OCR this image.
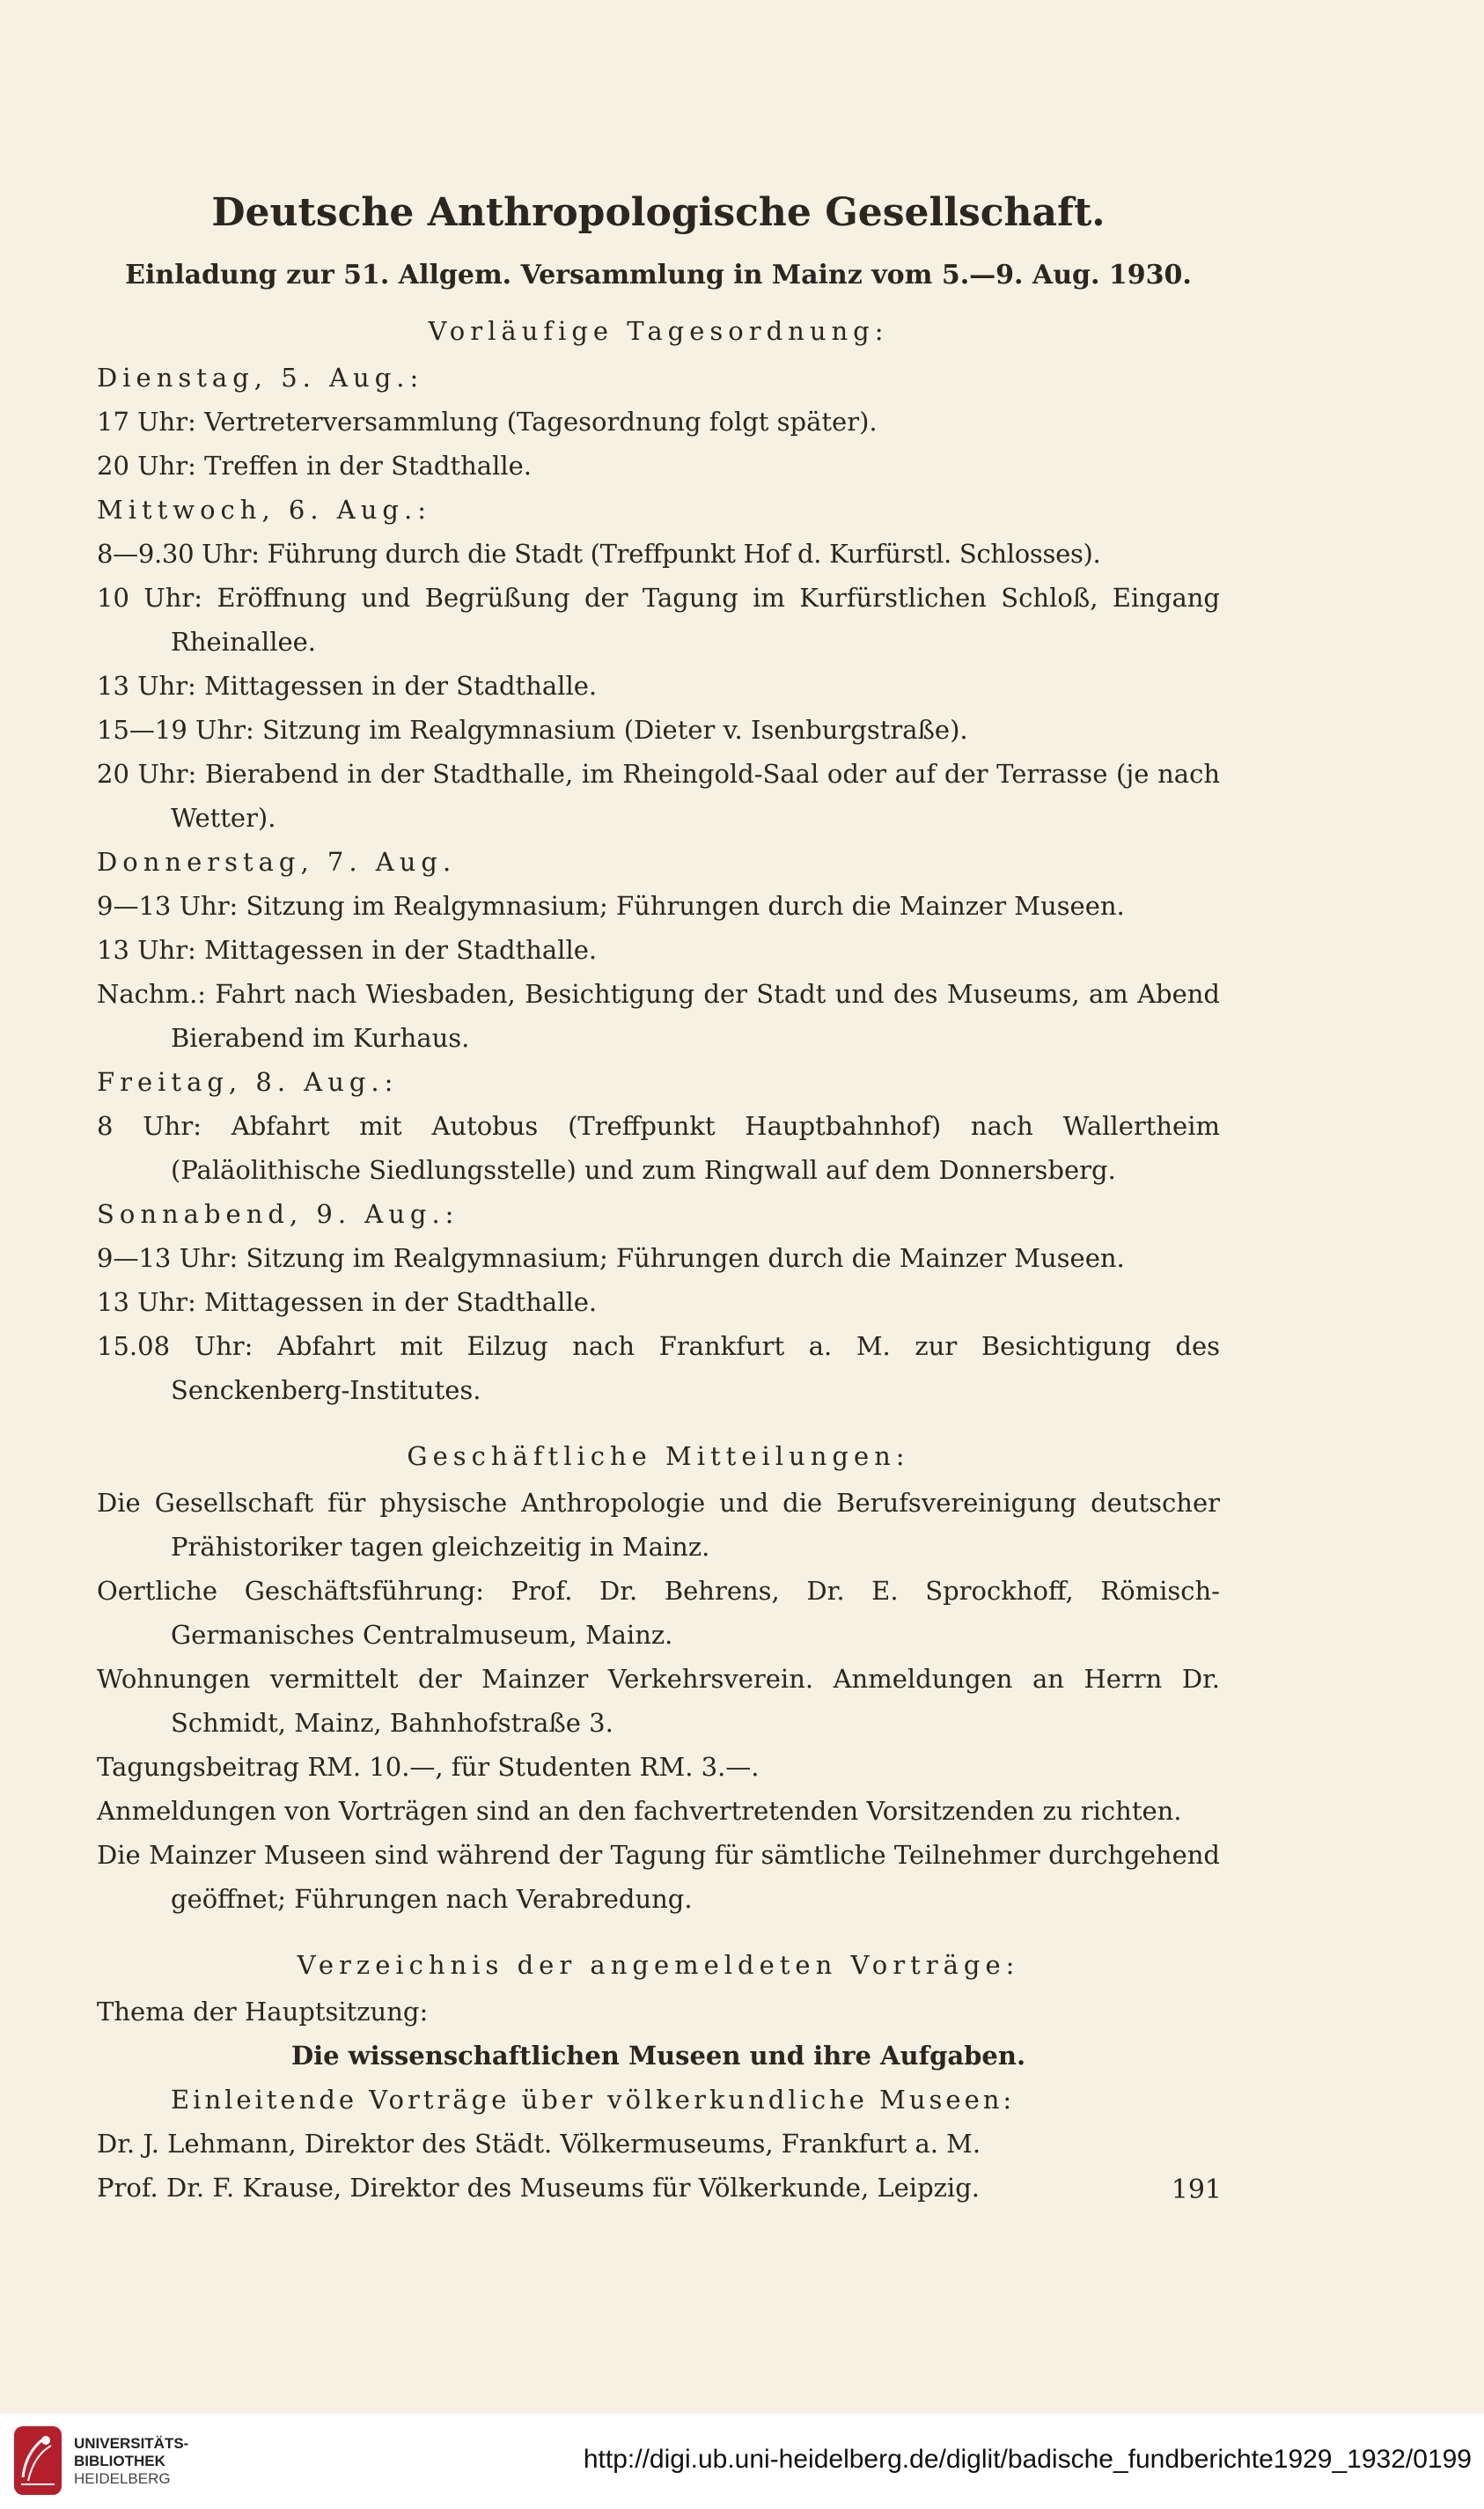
Deutsche Anthropologische Gesellschaft.
Einladung zur 51. Allgem. Versammlung in Mainz vom 5.—9. Aug. 1930.
Vorläufige Tagesordnung:

Dienstag, 5. Aug.:

17 Uhr: Vertreterversammlung (Tagesordnung folgt später).

20 Uhr: Treffen in der Stadthalle.

Mittwoch, 6. Aug.:

8—9.30 Uhr: Führung durch die Stadt (Treffpunkt Hof d. Kurfürstl. Schlosses).

10 Uhr: Eröffnung und Begrüßung der Tagung im Kurfürstlichen Schloß, Eingang Rheinallee.

13 Uhr: Mittagessen in der Stadthalle.

15—19 Uhr: Sitzung im Realgymnasium (Dieter v. Isenburgstraße).

20 Uhr: Bierabend in der Stadthalle, im Rheingold-Saal oder auf der Terrasse (je nach Wetter).

Donnerstag, 7. Aug.

9—13 Uhr: Sitzung im Realgymnasium; Führungen durch die Mainzer Museen.

13 Uhr: Mittagessen in der Stadthalle.

Nachm.: Fahrt nach Wiesbaden, Besichtigung der Stadt und des Museums, am Abend Bierabend im Kurhaus.

Freitag, 8. Aug.:

8 Uhr: Abfahrt mit Autobus (Treffpunkt Hauptbahnhof) nach Wallertheim (Paläolithische Siedlungsstelle) und zum Ringwall auf dem Donnersberg.

Sonnabend, 9. Aug.:

9—13 Uhr: Sitzung im Realgymnasium; Führungen durch die Mainzer Museen.

13 Uhr: Mittagessen in der Stadthalle.

15.08 Uhr: Abfahrt mit Eilzug nach Frankfurt a. M. zur Besichtigung des Senckenberg-Institutes.

Geschäftliche Mitteilungen:

Die Gesellschaft für physische Anthropologie und die Berufsvereinigung deutscher Prähistoriker tagen gleichzeitig in Mainz.

Oertliche Geschäftsführung: Prof. Dr. Behrens, Dr. E. Sprockhoff, Römisch-Germanisches Centralmuseum, Mainz.

Wohnungen vermittelt der Mainzer Verkehrsverein. Anmeldungen an Herrn Dr. Schmidt, Mainz, Bahnhofstraße 3.

Tagungsbeitrag RM. 10.—, für Studenten RM. 3.—.

Anmeldungen von Vorträgen sind an den fachvertretenden Vorsitzenden zu richten.

Die Mainzer Museen sind während der Tagung für sämtliche Teilnehmer durchgehend geöffnet; Führungen nach Verabredung.

Verzeichnis der angemeldeten Vorträge:

Thema der Hauptsitzung:

Die wissenschaftlichen Museen und ihre Aufgaben.

Einleitende Vorträge über völkerkundliche Museen:

Dr. J. Lehmann, Direktor des Städt. Völkermuseums, Frankfurt a. M.

Prof. Dr. F. Krause, Direktor des Museums für Völkerkunde, Leipzig.	191
UNIVERSITÄTS-
BIBLIOTHEK
HEIDELBERG
http://digi.ub.uni-heidelberg.de/diglit/badische_fundberichte1929_1932/0199
